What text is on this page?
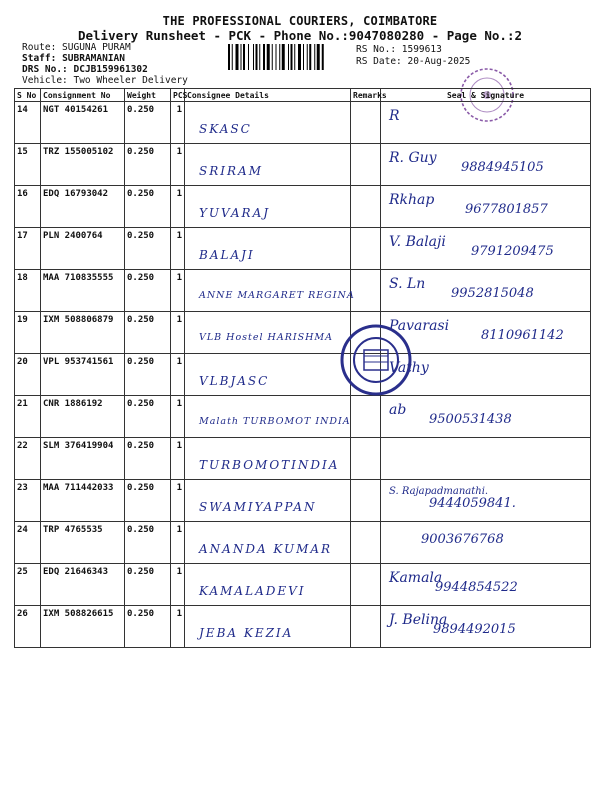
THE PROFESSIONAL COURIERS, COIMBATORE
Delivery Runsheet - PCK - Phone No.:9047080280 - Page No.:2
Route: SUGUNA PURAM
Staff: SUBRAMANIAN
DRS No.: DCJB159961302
Vehicle: Two Wheeler Delivery
RS No.: 1599613
RS Date: 20-Aug-2025
S No	Consignment No	Weight	PCS	Consignee Details	Remarks	Seal & Signature
14	NGT 40154261	0.250	1	SKASC		R

15	TRZ 155005102	0.250	1	SRIRAM		R. Guy
9884945105

16	EDQ 16793042	0.250	1	YUVARAJ		Rkhap
9677801857

17	PLN 2400764	0.250	1	BALAJI		V. Balaji
9791209475

18	MAA 710835555	0.250	1	ANNE MARGARET REGINA		S. Ln
9952815048

19	IXM 508806879	0.250	1	VLB Hostel HARISHMA		Pavarasi
8110961142

20	VPL 953741561	0.250	1	VLBJASC		Vathy

21	CNR 1886192	0.250	1	Malath TURBOMOT INDIA		ab
9500531438

22	SLM 376419904	0.250	1	TURBOMOTINDIA		

23	MAA 711442033	0.250	1	SWAMIYAPPAN		S. Rajapadmanathi.
9444059841.

24	TRP 4765535	0.250	1	ANANDA KUMAR		9003676768

25	EDQ 21646343	0.250	1	KAMALADEVI		Kamala
9944854522

26	IXM 508826615	0.250	1	JEBA KEZIA		J. Belina
9894492015
